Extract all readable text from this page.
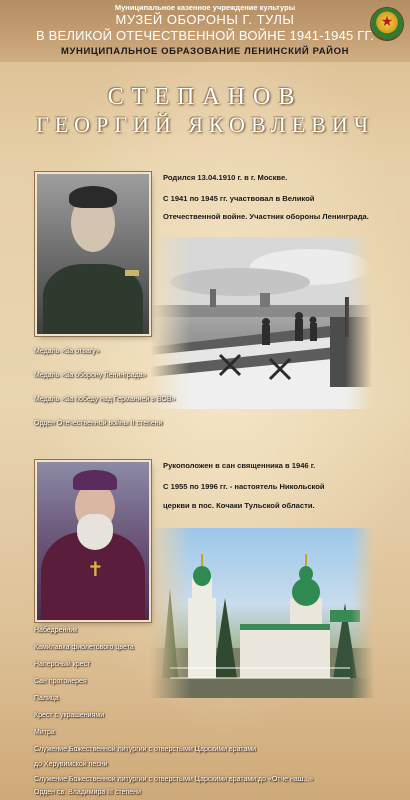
Муниципальное казенное учреждение культуры
МУЗЕЙ ОБОРОНЫ Г. ТУЛЫ
В ВЕЛИКОЙ ОТЕЧЕСТВЕННОЙ ВОЙНЕ 1941-1945 ГГ.
МУНИЦИПАЛЬНОЕ ОБРАЗОВАНИЕ ЛЕНИНСКИЙ РАЙОН
★
СТЕПАНОВ
ГЕОРГИЙ ЯКОВЛЕВИЧ
Родился 13.04.1910 г. в г. Москве.
С 1941 по 1945 гг. участвовал в Великой
Отечественной войне. Участник обороны Ленинграда.
Медаль «За отвагу»
Медаль «За оборону Ленинграда»
Медаль «За победу над Германией в ВОВ»
Орден Отечественной войны II степени
✝
Рукоположен в сан священника в 1946 г.
С 1955 по 1996 гг. - настоятель Никольской
церкви в пос. Кочаки Тульской области.
Набедренник
Камилавка фиолетового цвета
Наперсный крест
Сан протоиерея
Палица
Крест с украшениями
Митра
Служение Божественной литургии с отверстыми Царскими вратами
до Херувимской песни
Служение Божественной литургии с отверстыми Царскими вратами до «Отче наш...»
Орден св. Владимира III степени
